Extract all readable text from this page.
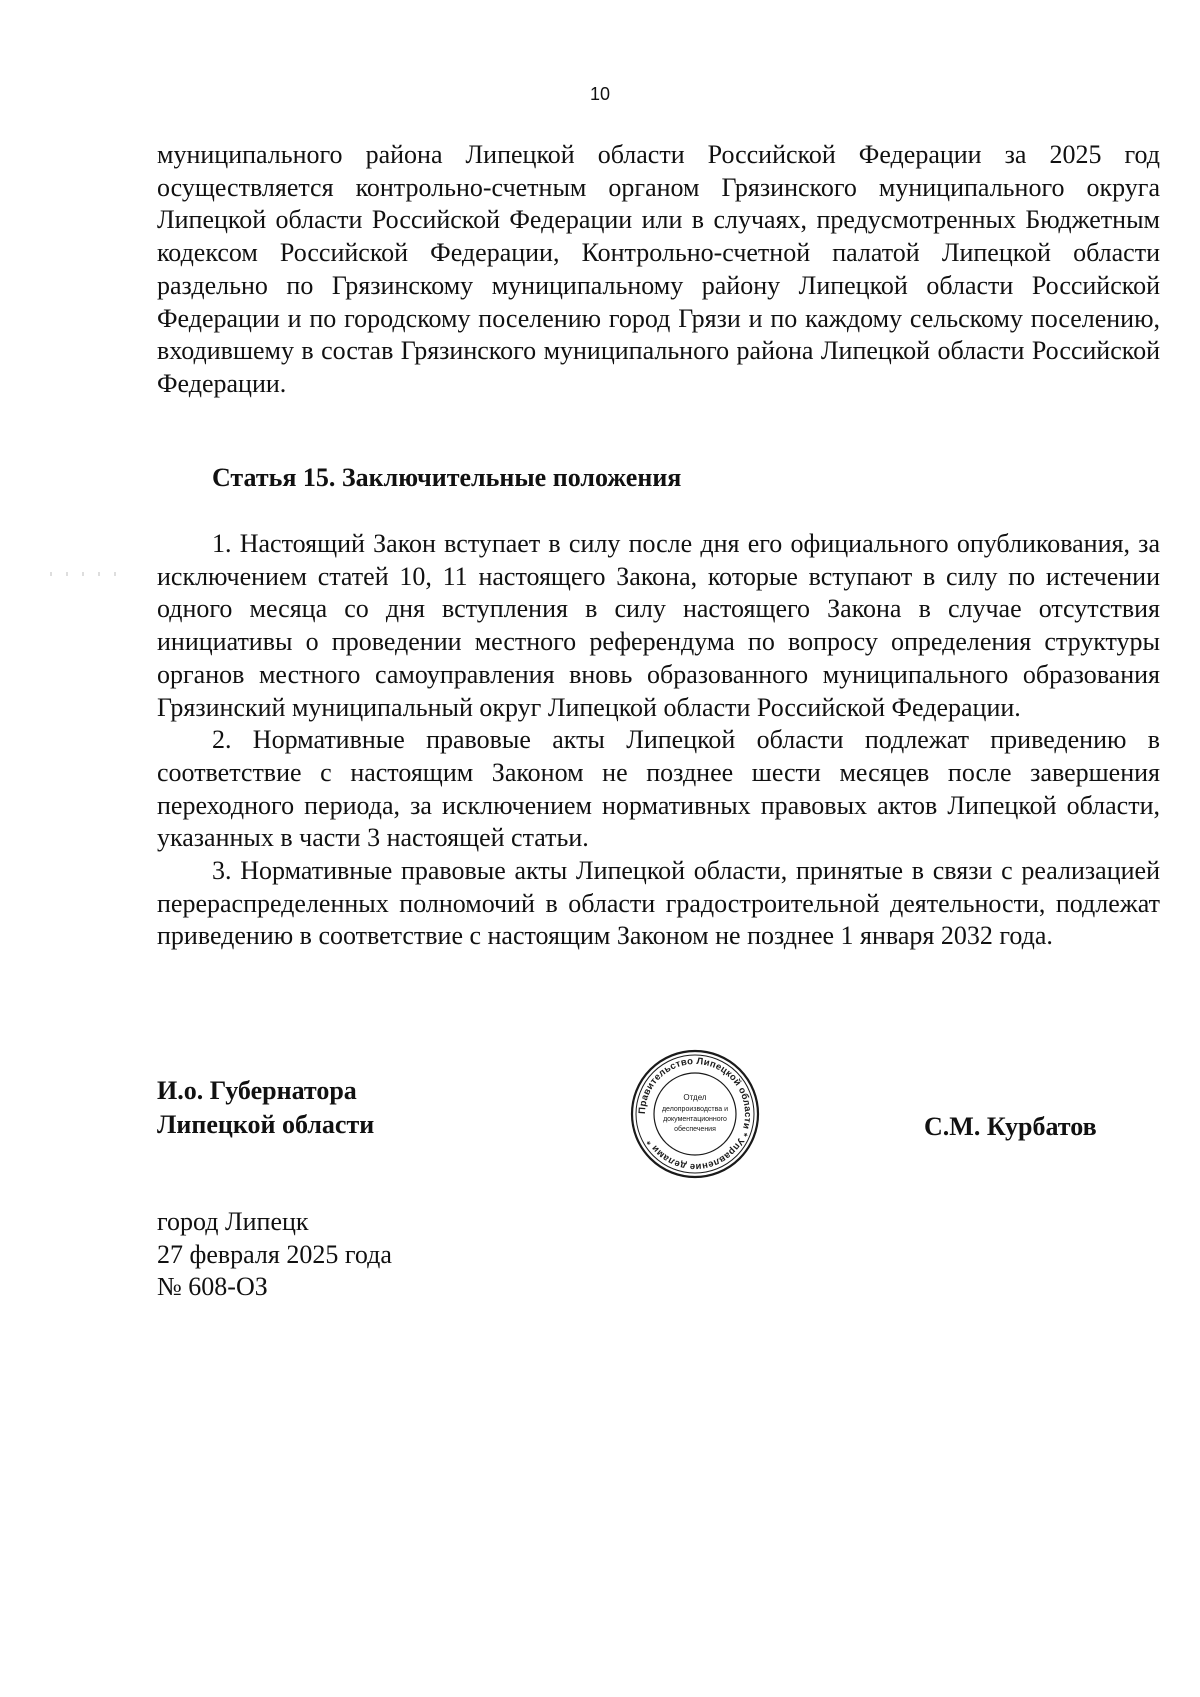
10

муниципального района Липецкой области Российской Федерации за 2025 год осуществляется контрольно-счетным органом Грязинского муниципального округа Липецкой области Российской Федерации или в случаях, предусмотренных Бюджетным кодексом Российской Федерации, Контрольно-счетной палатой Липецкой области раздельно по Грязинскому муниципальному району Липецкой области Российской Федерации и по городскому поселению город Грязи и по каждому сельскому поселению, входившему в состав Грязинского муниципального района Липецкой области Российской Федерации.

Статья 15. Заключительные положения

1. Настоящий Закон вступает в силу после дня его официального опубликования, за исключением статей 10, 11 настоящего Закона, которые вступают в силу по истечении одного месяца со дня вступления в силу настоящего Закона в случае отсутствия инициативы о проведении местного референдума по вопросу определения структуры органов местного самоуправления вновь образованного муниципального образования Грязинский муниципальный округ Липецкой области Российской Федерации.

2. Нормативные правовые акты Липецкой области подлежат приведению в соответствие с настоящим Законом не позднее шести месяцев после завершения переходного периода, за исключением нормативных правовых актов Липецкой области, указанных в части 3 настоящей статьи.

3. Нормативные правовые акты Липецкой области, принятые в связи с реализацией перераспределенных полномочий в области градостроительной деятельности, подлежат приведению в соответствие с настоящим Законом не позднее 1 января 2032 года.

И.о. Губернатора
Липецкой области	Правительство Липецкой области * Управление делами *
Отдел
делопроизводства и
документационного
обеспечения	С.М. Курбатов
город Липецк
27 февраля 2025 года
№ 608-ОЗ
